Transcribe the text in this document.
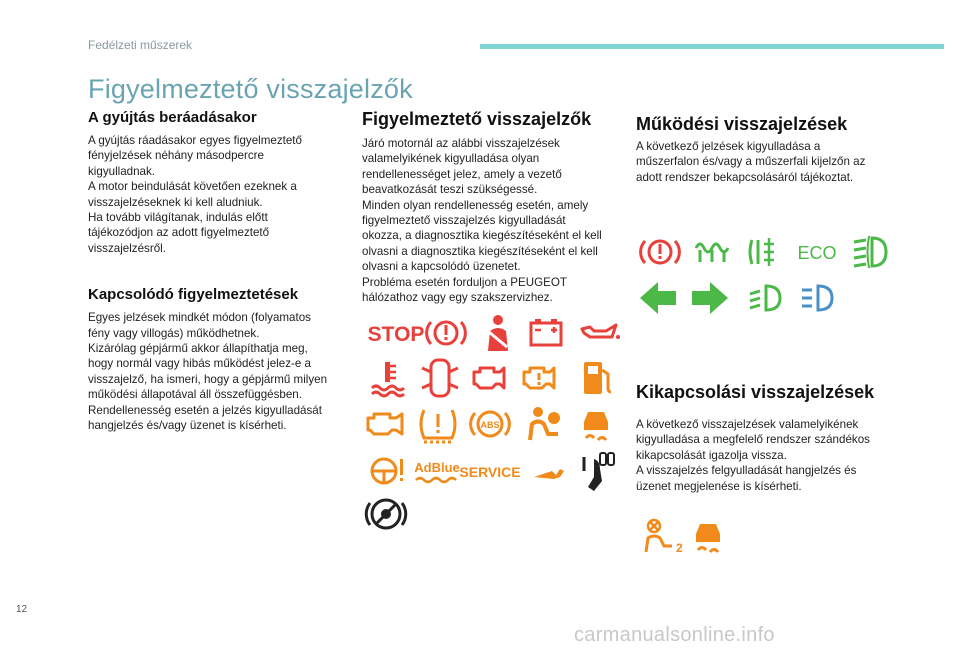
Fedélzeti műszerek
Figyelmeztető visszajelzők
A gyújtás beráadásakor

A gyújtás ráadásakor egyes figyelmeztető
fényjelzések néhány másodpercre
kigyulladnak.
A motor beindulását követően ezeknek a
visszajelzéseknek ki kell aludniuk.
Ha tovább világítanak, indulás előtt
tájékozódjon az adott figyelmeztető
visszajelzésről.

Kapcsolódó figyelmeztetések

Egyes jelzések mindkét módon (folyamatos
fény vagy villogás) működhetnek.
Kizárólag gépjármű akkor állapíthatja meg,
hogy normál vagy hibás működést jelez-e a
visszajelző, ha ismeri, hogy a gépjármű milyen
működési állapotával áll összefüggésben.
Rendellenesség esetén a jelzés kigyulladását
hangjelzés és/vagy üzenet is kísérheti.

Figyelmeztető visszajelzők

Járó motornál az alábbi visszajelzések
valamelyikének kigyulladása olyan
rendellenességet jelez, amely a vezető
beavatkozását teszi szükségessé.
Minden olyan rendellenesség esetén, amely
figyelmeztető visszajelzés kigyulladását
okozza, a diagnosztika kiegészítéseként el kell
olvasni a diagnosztika kiegészítéseként el kell
olvasni a kapcsolódó üzenetet.
Probléma esetén forduljon a PEUGEOT
hálózathoz vagy egy szakszervizhez.

Működési visszajelzések

A következő jelzések kigyulladása a
műszerfalon és/vagy a műszerfali kijelzőn az
adott rendszer bekapcsolásáról tájékoztat.

Kikapcsolási visszajelzések

A következő visszajelzések valamelyikének
kigyulladása a megfelelő rendszer szándékos
kikapcsolását igazolja vissza.
A visszajelzés felgyulladását hangjelzés és
üzenet megjelenése is kísérheti.

STOP
ABS
AdBlue SERVICE
ECO
2
12
carmanualsonline.info
